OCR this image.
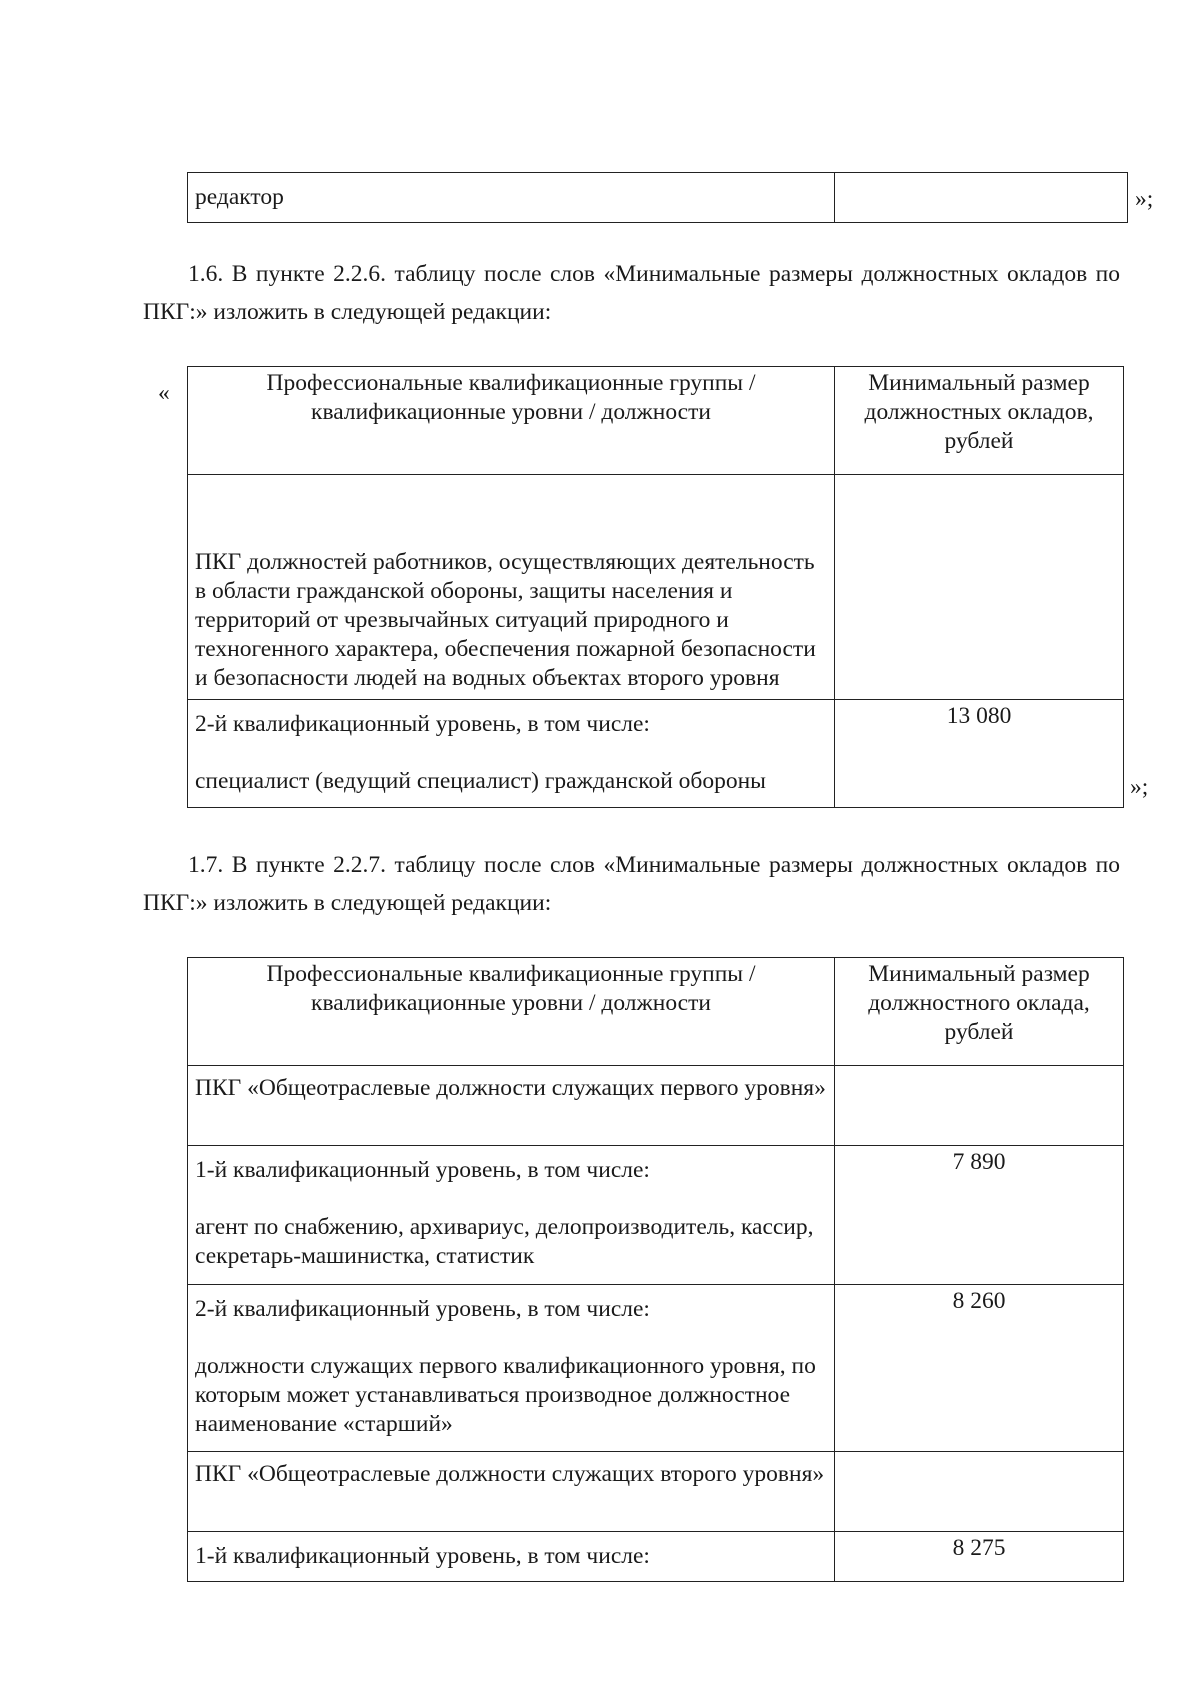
редактор		»;

1.6. В пункте 2.2.6. таблицу после слов «Минимальные размеры должностных окладов по ПКГ:» изложить в следующей редакции:

«	Профессиональные квалификационные группы / квалификационные уровни / должности	Минимальный размер должностных окладов, рублей
ПКГ должностей работников, осуществляющих деятельность в области гражданской обороны, защиты населения и территорий от чрезвычайных ситуаций природного и техногенного характера, обеспечения пожарной безопасности и безопасности людей на водных объектах второго уровня	

2-й квалификационный уровень, в том числе:
специалист (ведущий специалист) гражданской обороны	13 080
»;

1.7. В пункте 2.2.7. таблицу после слов «Минимальные размеры должностных окладов по ПКГ:» изложить в следующей редакции:

Профессиональные квалификационные группы / квалификационные уровни / должности	Минимальный размер должностного оклада, рублей
ПКГ «Общеотраслевые должности служащих первого уровня»	

1-й квалификационный уровень, в том числе:
агент по снабжению, архивариус, делопроизводитель, кассир, секретарь-машинистка, статистик	7 890

2-й квалификационный уровень, в том числе:
должности служащих первого квалификационного уровня, по которым может устанавливаться производное должностное наименование «старший»	8 260
ПКГ «Общеотраслевые должности служащих второго уровня»	
1-й квалификационный уровень, в том числе:	8 275
